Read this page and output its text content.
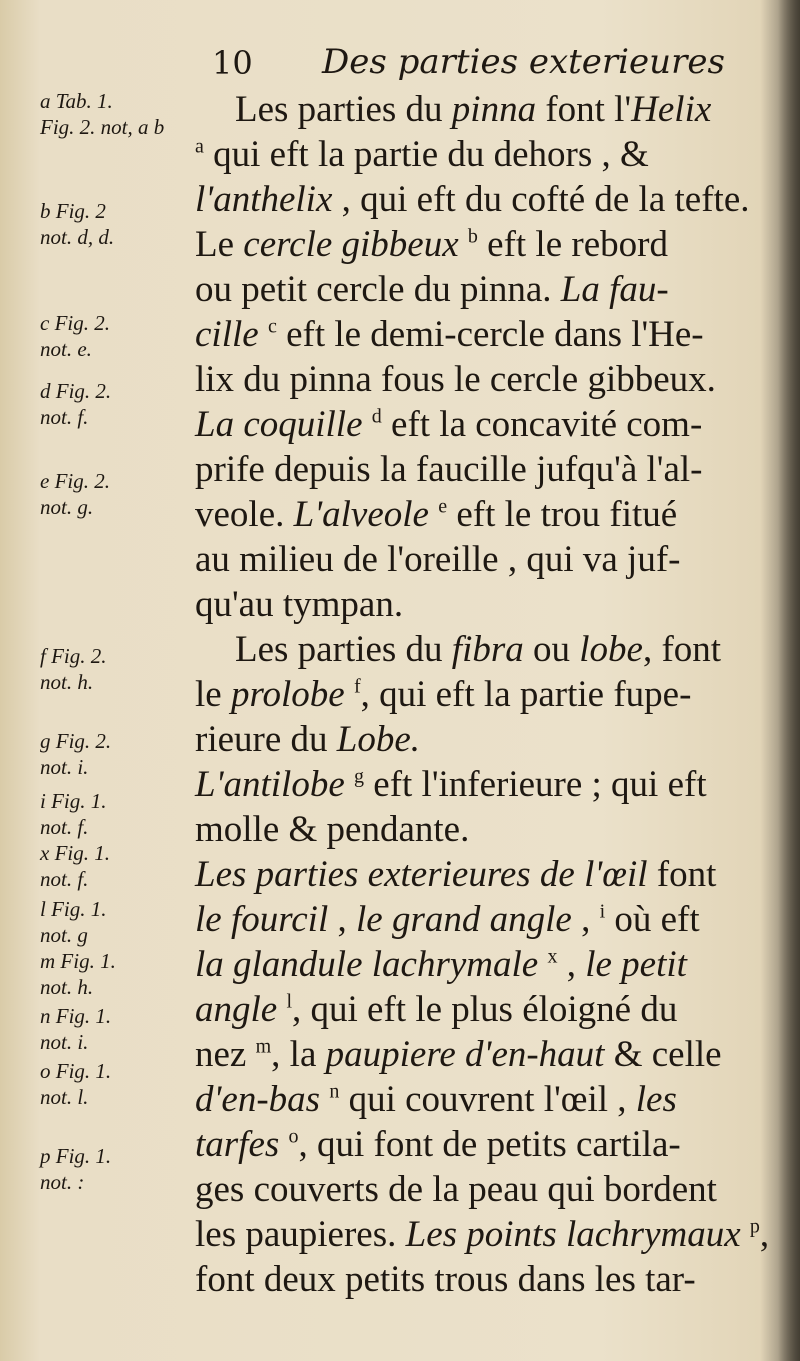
10 Des parties exterieures
a Tab. 1.
Fig. 2. not, a b
b Fig. 2
not. d, d.
c Fig. 2.
not. e.
d Fig. 2.
not. f.
e Fig. 2.
not. g.
f Fig. 2.
not. h.
g Fig. 2.
not. i.
i Fig. 1.
not. f.
x Fig. 1.
not. f.
l Fig. 1.
not. g
m Fig. 1.
not. h.
n Fig. 1.
not. i.
o Fig. 1.
not. l.
p Fig. 1.
not. :
Les parties du pinna font l'Helix
$^a$ qui eft la partie du dehors , &
l'anthelix , qui eft du cofté de la tefte.
Le cercle gibbeux $^b$ eft le rebord
ou petit cercle du pinna. La fau-
cille $^c$ eft le demi-cercle dans l'He-
lix du pinna fous le cercle gibbeux.
La coquille $^d$ eft la concavité com-
prife depuis la faucille jufqu'à l'al-
veole. L'alveole $^e$ eft le trou fitué
au milieu de l'oreille , qui va juf-
qu'au tympan.
Les parties du fibra ou lobe, font
le prolobe $^f$, qui eft la partie fupe-
rieure du Lobe.
L'antilobe $^g$ eft l'inferieure ; qui eft
molle & pendante.
Les parties exterieures de l'œil font
le fourcil , le grand angle , $^i$ où eft
la glandule lachrymale $^x$ , le petit
angle $^l$, qui eft le plus éloigné du
nez $^m$, la paupiere d'en-haut & celle
d'en-bas $^n$ qui couvrent l'œil , les
tarfes $^o$, qui font de petits cartila-
ges couverts de la peau qui bordent
les paupieres. Les points lachrymaux $^p$,
font deux petits trous dans les tar-
